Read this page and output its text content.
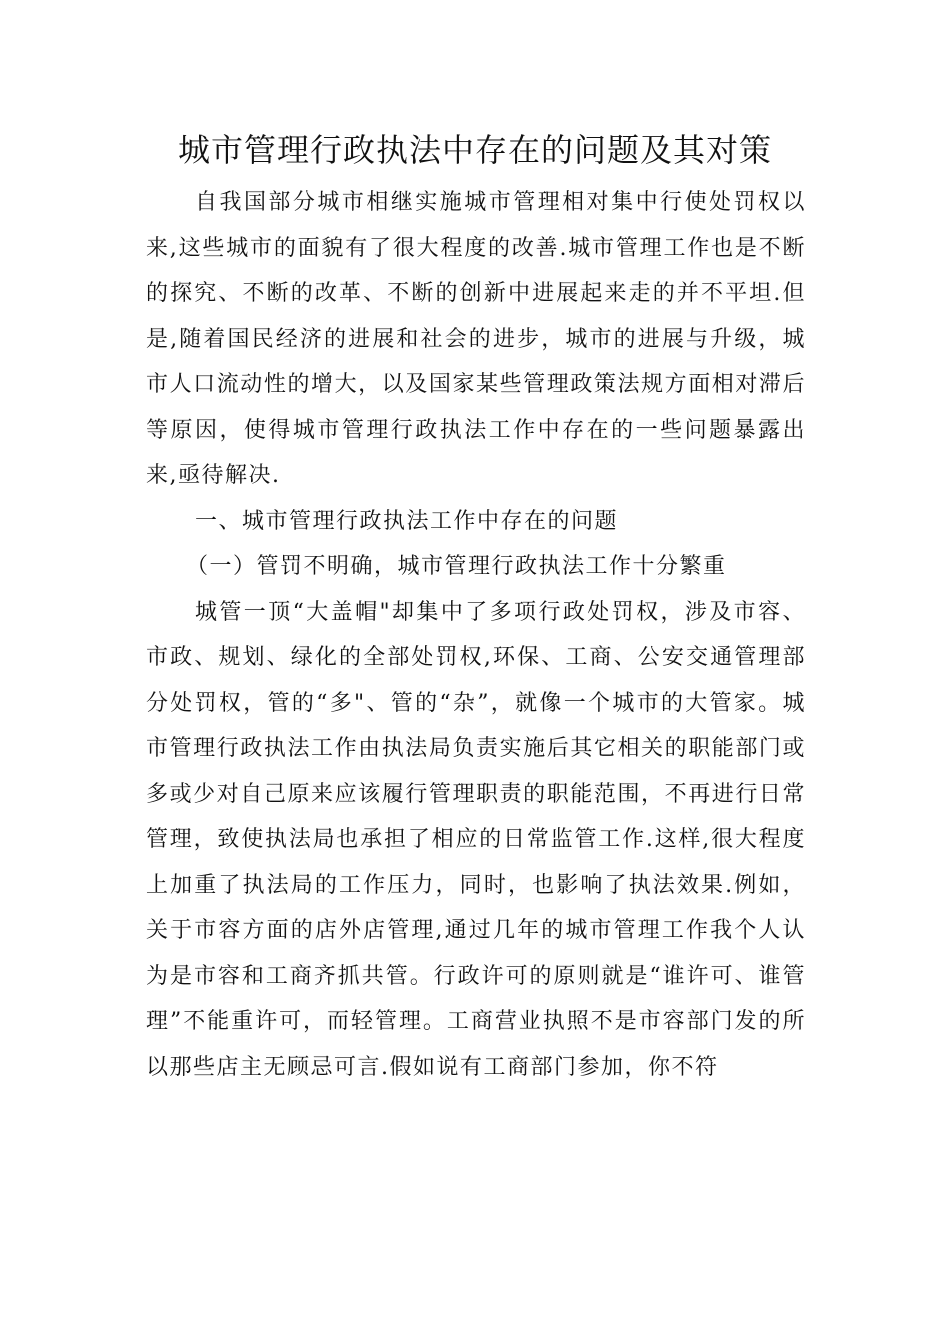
城市管理行政执法中存在的问题及其对策

自我国部分城市相继实施城市管理相对集中行使处罚权以来,这些城市的面貌有了很大程度的改善.城市管理工作也是不断的探究、不断的改革、不断的创新中进展起来走的并不平坦.但是,随着国民经济的进展和社会的进步，城市的进展与升级，城市人口流动性的增大，以及国家某些管理政策法规方面相对滞后等原因，使得城市管理行政执法工作中存在的一些问题暴露出来,亟待解决.

一、城市管理行政执法工作中存在的问题

（一）管罚不明确，城市管理行政执法工作十分繁重

城管一顶“大盖帽"却集中了多项行政处罚权，涉及市容、市政、规划、绿化的全部处罚权,环保、工商、公安交通管理部分处罚权，管的“多"、管的“杂”，就像一个城市的大管家。城市管理行政执法工作由执法局负责实施后其它相关的职能部门或多或少对自己原来应该履行管理职责的职能范围，不再进行日常管理，致使执法局也承担了相应的日常监管工作.这样,很大程度上加重了执法局的工作压力，同时，也影响了执法效果.例如，关于市容方面的店外店管理,通过几年的城市管理工作我个人认为是市容和工商齐抓共管。行政许可的原则就是“谁许可、谁管理”不能重许可，而轻管理。工商营业执照不是市容部门发的所以那些店主无顾忌可言.假如说有工商部门参加，你不符
